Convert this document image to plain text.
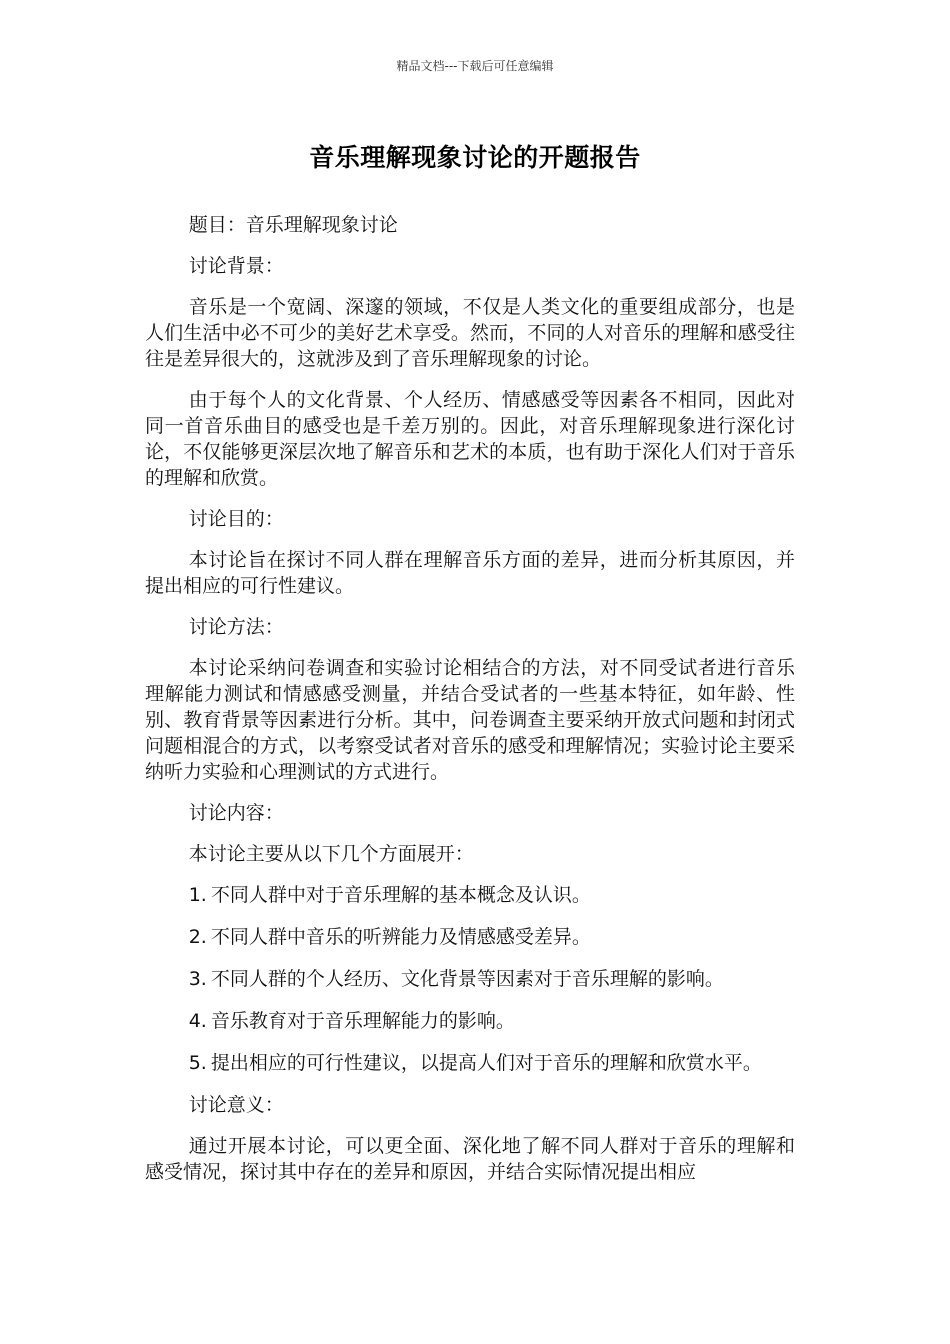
精品文档---下载后可任意编辑
音乐理解现象讨论的开题报告

题目：音乐理解现象讨论

讨论背景：

音乐是一个宽阔、深邃的领域，不仅是人类文化的重要组成部分，也是人们生活中必不可少的美好艺术享受。然而，不同的人对音乐的理解和感受往往是差异很大的，这就涉及到了音乐理解现象的讨论。

由于每个人的文化背景、个人经历、情感感受等因素各不相同，因此对同一首音乐曲目的感受也是千差万别的。因此，对音乐理解现象进行深化讨论，不仅能够更深层次地了解音乐和艺术的本质，也有助于深化人们对于音乐的理解和欣赏。

讨论目的：

本讨论旨在探讨不同人群在理解音乐方面的差异，进而分析其原因，并提出相应的可行性建议。

讨论方法：

本讨论采纳问卷调查和实验讨论相结合的方法，对不同受试者进行音乐理解能力测试和情感感受测量，并结合受试者的一些基本特征，如年龄、性别、教育背景等因素进行分析。其中，问卷调查主要采纳开放式问题和封闭式问题相混合的方式，以考察受试者对音乐的感受和理解情况；实验讨论主要采纳听力实验和心理测试的方式进行。

讨论内容：

本讨论主要从以下几个方面展开：

1. 不同人群中对于音乐理解的基本概念及认识。

2. 不同人群中音乐的听辨能力及情感感受差异。

3. 不同人群的个人经历、文化背景等因素对于音乐理解的影响。

4. 音乐教育对于音乐理解能力的影响。

5. 提出相应的可行性建议，以提高人们对于音乐的理解和欣赏水平。

讨论意义：

通过开展本讨论，可以更全面、深化地了解不同人群对于音乐的理解和感受情况，探讨其中存在的差异和原因，并结合实际情况提出相应
